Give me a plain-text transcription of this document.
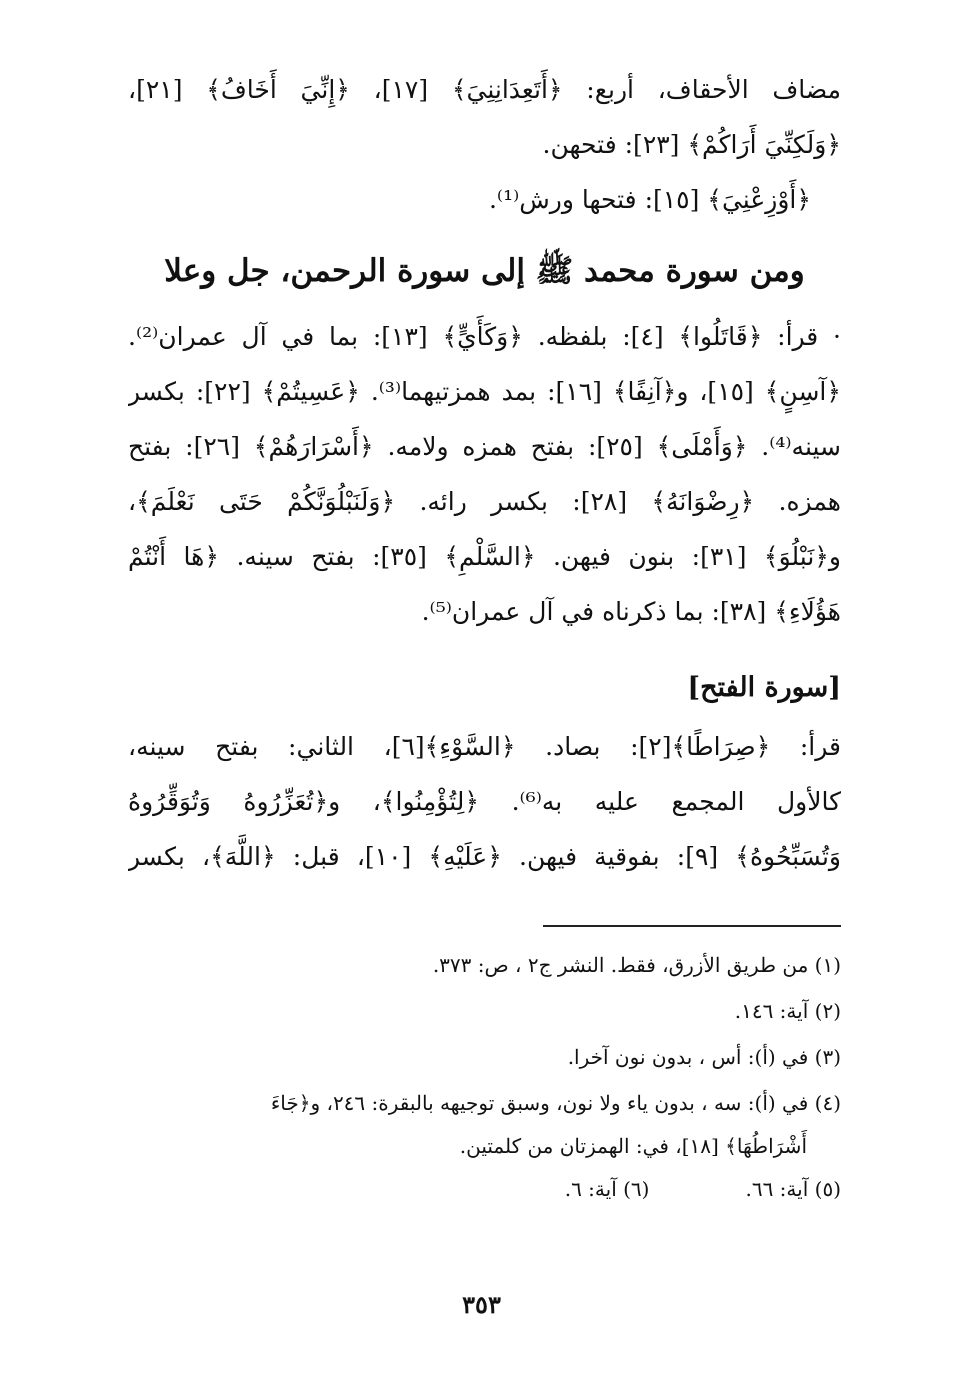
مضاف الأحقاف، أربع: ﴿أَتَعِدَانِنِيَ﴾ [١٧]، ﴿إِنِّيَ أَخَافُ﴾ [٢١]،
﴿وَلَكِنِّيَ أَرَاكُمْ﴾ [٢٣]: فتحهن.
﴿أَوْزِعْنِيَ﴾ [١٥]: فتحها ورش⁽¹⁾.
ومن سورة محمد ﷺ إلى سورة الرحمن، جل وعلا
· قرأ: ﴿قَاتَلُوا﴾ [٤]: بلفظه. ﴿وَكَأَيٍّ﴾ [١٣]: بما في آل عمران⁽²⁾.
﴿آسِنٍ﴾ [١٥]، و﴿آنِفًا﴾ [١٦]: بمد همزتيهما⁽³⁾. ﴿عَسِيتُمْ﴾ [٢٢]: بكسر
سينه⁽⁴⁾. ﴿وَأَمْلَى﴾ [٢٥]: بفتح همزه ولامه. ﴿أَسْرَارَهُمْ﴾ [٢٦]: بفتح
همزه. ﴿رِضْوَانَهُ﴾ [٢٨]: بكسر رائه. ﴿وَلَنَبْلُوَنَّكُمْ حَتَى نَعْلَمَ﴾،
و﴿نَبْلُوَ﴾ [٣١]: بنون فيهن. ﴿السَّلْمِ﴾ [٣٥]: بفتح سينه. ﴿هَا أَنْتُمْ
هَؤُلَاءِ﴾ [٣٨]: بما ذكرناه في آل عمران⁽⁵⁾.
[سورة الفتح]
قرأ: ﴿صِرَاطًا﴾[٢]: بصاد. ﴿السَّوْءِ﴾[٦]، الثاني: بفتح سينه،
كالأول المجمع عليه به⁽⁶⁾. ﴿لِتُؤْمِنُوا﴾، و﴿تُعَزِّرُوهُ وَتُوَقِّرُوهُ
وَتُسَبِّحُوهُ﴾ [٩]: بفوقية فيهن. ﴿عَلَيْهِ﴾ [١٠]، قبل: ﴿اللَّهَ﴾، بكسر
(١) من طريق الأزرق، فقط. النشر ج٢ ، ص: ٣٧٣.
(٢) آية: ١٤٦.
(٣) في (أ): أس ، بدون نون آخرا.
(٤) في (أ): سه ، بدون ياء ولا نون، وسبق توجيهه بالبقرة: ٢٤٦، و﴿جَاءَ
أَشْرَاطُهَا﴾ [١٨]، في: الهمزتان من كلمتين.
(٥) آية: ٦٦.
(٦) آية: ٦.
٣٥٣
